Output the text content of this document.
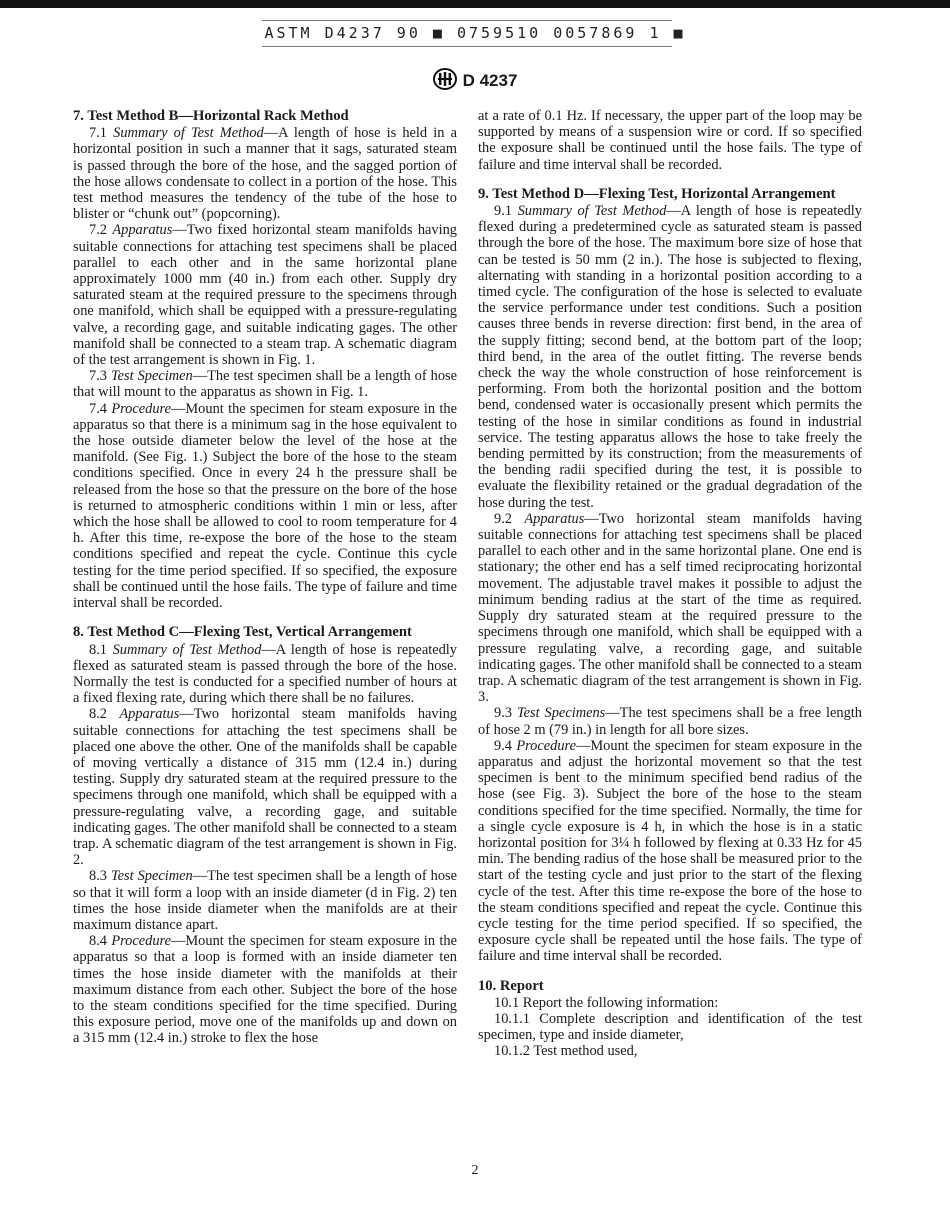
ASTM D4237 90 ■ 0759510 0057869 1 ■
D 4237
7. Test Method B—Horizontal Rack Method

7.1 Summary of Test Method—A length of hose is held in a horizontal position in such a manner that it sags, saturated steam is passed through the bore of the hose, and the sagged portion of the hose allows condensate to collect in a portion of the hose. This test method measures the tendency of the tube of the hose to blister or “chunk out” (popcorning).

7.2 Apparatus—Two fixed horizontal steam manifolds having suitable connections for attaching test specimens shall be placed parallel to each other and in the same horizontal plane approximately 1000 mm (40 in.) from each other. Supply dry saturated steam at the required pressure to the specimens through one manifold, which shall be equipped with a pressure-regulating valve, a recording gage, and suitable indicating gages. The other manifold shall be connected to a steam trap. A schematic diagram of the test arrangement is shown in Fig. 1.

7.3 Test Specimen—The test specimen shall be a length of hose that will mount to the apparatus as shown in Fig. 1.

7.4 Procedure—Mount the specimen for steam exposure in the apparatus so that there is a minimum sag in the hose equivalent to the hose outside diameter below the level of the hose at the manifold. (See Fig. 1.) Subject the bore of the hose to the steam conditions specified. Once in every 24 h the pressure shall be released from the hose so that the pressure on the bore of the hose is returned to atmospheric conditions within 1 min or less, after which the hose shall be allowed to cool to room temperature for 4 h. After this time, re-expose the bore of the hose to the steam conditions specified and repeat the cycle. Continue this cycle testing for the time period specified. If so specified, the exposure shall be continued until the hose fails. The type of failure and time interval shall be recorded.

8. Test Method C—Flexing Test, Vertical Arrangement

8.1 Summary of Test Method—A length of hose is repeatedly flexed as saturated steam is passed through the bore of the hose. Normally the test is conducted for a specified number of hours at a fixed flexing rate, during which there shall be no failures.

8.2 Apparatus—Two horizontal steam manifolds having suitable connections for attaching the test specimens shall be placed one above the other. One of the manifolds shall be capable of moving vertically a distance of 315 mm (12.4 in.) during testing. Supply dry saturated steam at the required pressure to the specimens through one manifold, which shall be equipped with a pressure-regulating valve, a recording gage, and suitable indicating gages. The other manifold shall be connected to a steam trap. A schematic diagram of the test arrangement is shown in Fig. 2.

8.3 Test Specimen—The test specimen shall be a length of hose so that it will form a loop with an inside diameter (d in Fig. 2) ten times the hose inside diameter when the manifolds are at their maximum distance apart.

8.4 Procedure—Mount the specimen for steam exposure in the apparatus so that a loop is formed with an inside diameter ten times the hose inside diameter with the manifolds at their maximum distance from each other. Subject the bore of the hose to the steam conditions specified for the time specified. During this exposure period, move one of the manifolds up and down on a 315 mm (12.4 in.) stroke to flex the hose

at a rate of 0.1 Hz. If necessary, the upper part of the loop may be supported by means of a suspension wire or cord. If so specified the exposure shall be continued until the hose fails. The type of failure and time interval shall be recorded.

9. Test Method D—Flexing Test, Horizontal Arrangement

9.1 Summary of Test Method—A length of hose is repeatedly flexed during a predetermined cycle as saturated steam is passed through the bore of the hose. The maximum bore size of hose that can be tested is 50 mm (2 in.). The hose is subjected to flexing, alternating with standing in a horizontal position according to a timed cycle. The configuration of the hose is selected to evaluate the service performance under test conditions. Such a position causes three bends in reverse direction: first bend, in the area of the supply fitting; second bend, at the bottom part of the loop; third bend, in the area of the outlet fitting. The reverse bends check the way the whole construction of hose reinforcement is performing. From both the horizontal position and the bottom bend, condensed water is occasionally present which permits the testing of the hose in similar conditions as found in industrial service. The testing apparatus allows the hose to take freely the bending permitted by its construction; from the measurements of the bending radii specified during the test, it is possible to evaluate the flexibility retained or the gradual degradation of the hose during the test.

9.2 Apparatus—Two horizontal steam manifolds having suitable connections for attaching test specimens shall be placed parallel to each other and in the same horizontal plane. One end is stationary; the other end has a self timed reciprocating horizontal movement. The adjustable travel makes it possible to adjust the minimum bending radius at the start of the time as required. Supply dry saturated steam at the required pressure to the specimens through one manifold, which shall be equipped with a pressure regulating valve, a recording gage, and suitable indicating gages. The other manifold shall be connected to a steam trap. A schematic diagram of the test arrangement is shown in Fig. 3.

9.3 Test Specimens—The test specimens shall be a free length of hose 2 m (79 in.) in length for all bore sizes.

9.4 Procedure—Mount the specimen for steam exposure in the apparatus and adjust the horizontal movement so that the test specimen is bent to the minimum specified bend radius of the hose (see Fig. 3). Subject the bore of the hose to the steam conditions specified for the time specified. Normally, the time for a single cycle exposure is 4 h, in which the hose is in a static horizontal position for 3¼ h followed by flexing at 0.33 Hz for 45 min. The bending radius of the hose shall be measured prior to the start of the testing cycle and just prior to the start of the flexing cycle of the test. After this time re-expose the bore of the hose to the steam conditions specified and repeat the cycle. Continue this cycle testing for the time period specified. If so specified, the exposure cycle shall be repeated until the hose fails. The type of failure and time interval shall be recorded.

10. Report

10.1 Report the following information:

10.1.1 Complete description and identification of the test specimen, type and inside diameter,

10.1.2 Test method used,

2
